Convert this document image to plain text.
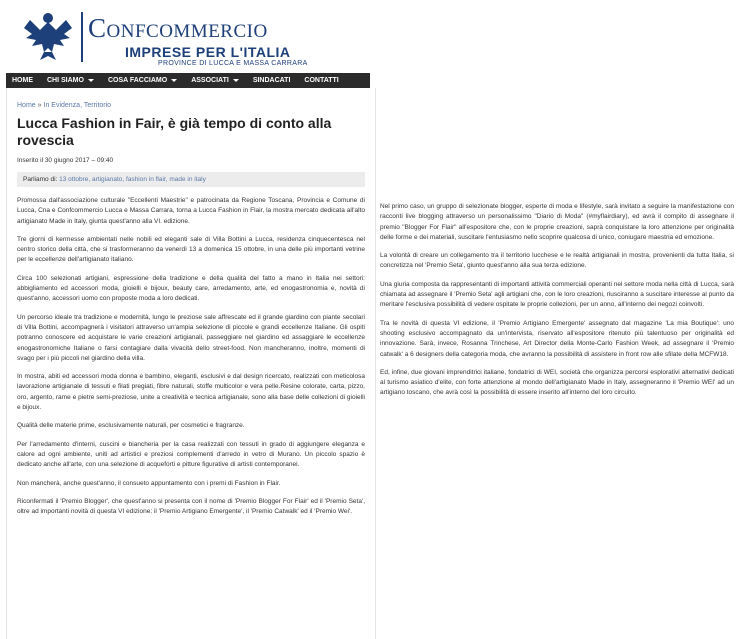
Confcommercio
IMPRESE PER L'ITALIA
PROVINCE DI LUCCA E MASSA CARRARA
HOME CHI SIAMO	COSA FACCIAMO	ASSOCIATI	SINDACATI CONTATTI
Home » In Evidenza, Territorio
Lucca Fashion in Fair, è già tempo di conto alla rovescia
Inserito il 30 giugno 2017 – 09:40
Parliamo di: 13 ottobre, artigianato, fashion in flair, made in italy

Promossa dall'associazione culturale "Eccellenti Maestrie" e patrocinata da Regione Toscana, Provincia e Comune di Lucca, Cna e Confcommercio Lucca e Massa Carrara, torna a Lucca Fashion in Flair, la mostra mercato dedicata all'alto artigianato Made in Italy, giunta quest'anno alla VI. edizione.

Tre giorni di kermesse ambientati nelle nobili ed eleganti sale di Villa Bottini a Lucca, residenza cinquecentesca nel centro storico della città, che si trasformeranno da venerdì 13 a domenica 15 ottobre, in una delle più importanti vetrine per le eccellenze dell'artigianato italiano.

Circa 100 selezionati artigiani, espressione della tradizione e della qualità del fatto a mano in Italia nei settori: abbigliamento ed accessori moda, gioielli e bijoux, beauty care, arredamento, arte, ed enogastronomia e, novità di quest'anno, accessori uomo con proposte moda a loro dedicati.

Un percorso ideale tra tradizione e modernità, lungo le preziose sale affrescate ed il grande giardino con piante secolari di Villa Bottini, accompagnerà i visitatori attraverso un'ampia selezione di piccole e grandi eccellenze Italiane. Gli ospiti potranno conoscere ed acquistare le varie creazioni artigianali, passeggiare nel giardino ed assaggiare le eccellenze enogastronomiche Italiane o farsi contagiare dalla vivacità dello street-food. Non mancheranno, inoltre, momenti di svago per i più piccoli nel giardino della villa.

In mostra, abiti ed accessori moda donna e bambino, eleganti, esclusivi e dal design ricercato, realizzati con meticolosa lavorazione artigianale di tessuti e filati pregiati, fibre naturali, stoffe multicolor e vera pelle.Resine colorate, carta, pizzo, oro, argento, rame e pietre semi-preziose, unite a creatività e tecnica artigianale, sono alla base delle collezioni di gioielli e bijoux.

Qualità delle materie prime, esclusivamente naturali, per cosmetici e fragranze.

Per l'arredamento d'interni, cuscini e biancheria per la casa realizzati con tessuti in grado di aggiungere eleganza e calore ad ogni ambiente, uniti ad artistici e preziosi complementi d'arredo in vetro di Murano. Un piccolo spazio è dedicato anche all'arte, con una selezione di acqueforti e pitture figurative di artisti contemporanei.

Non mancherà, anche quest'anno, il consueto appuntamento con i premi di Fashion in Flair.

Riconfermati il 'Premio Blogger', che quest'anno si presenta con il nome di 'Premio Blogger For Flair' ed il 'Premio Seta', oltre ad importanti novità di questa VI edizione: il 'Premio Artigiano Emergente', il 'Premio Catwalk' ed il 'Premio Wei'.

Nel primo caso, un gruppo di selezionate blogger, esperte di moda e lifestyle, sarà invitato a seguire la manifestazione con racconti live blogging attraverso un personalissimo "Diario di Moda" (#myflairdiary), ed avrà il compito di assegnare il premio "Blogger For Flair" all'espositore che, con le proprie creazioni, saprà conquistare la loro attenzione per originalità delle forme e dei materiali, suscitare l'entusiasmo nello scoprire qualcosa di unico, coniugare maestria ed emozione.

La volontà di creare un collegamento tra il territorio lucchese e le realtà artigianali in mostra, provenienti da tutta Italia, si concretizza nel 'Premio Seta', giunto quest'anno alla sua terza edizione.

Una giuria composta da rappresentanti di importanti attività commerciali operanti nel settore moda nella città di Lucca, sarà chiamata ad assegnare il 'Premio Seta' agli artigiani che, con le loro creazioni, riusciranno a suscitare interesse al punto da meritare l'esclusiva possibilità di vedere ospitate le proprie collezioni, per un anno, all'interno dei negozi coinvolti.

Tra le novità di questa VI edizione, il 'Premio Artigiano Emergente' assegnato dal magazine 'La mia Boutique': uno shooting esclusivo accompagnato da un'intervista, riservato all'espositore ritenuto più talentuoso per originalità ed innovazione. Sarà, invece, Rosanna Trinchese, Art Director della Monte-Carlo Fashion Week, ad assegnare il 'Premio catwalk' a 6 designers della categoria moda, che avranno la possibilità di assistere in front row alle sfilate della MCFW18.

Ed, infine, due giovani imprenditrici italiane, fondatrici di WEI, società che organizza percorsi esplorativi alternativi dedicati al turismo asiatico d'elite, con forte attenzione al mondo dell'artigianato Made in Italy, assegneranno il 'Premio WEI' ad un artigiano toscano, che avrà così la possibilità di essere inserito all'interno del loro circuito.
